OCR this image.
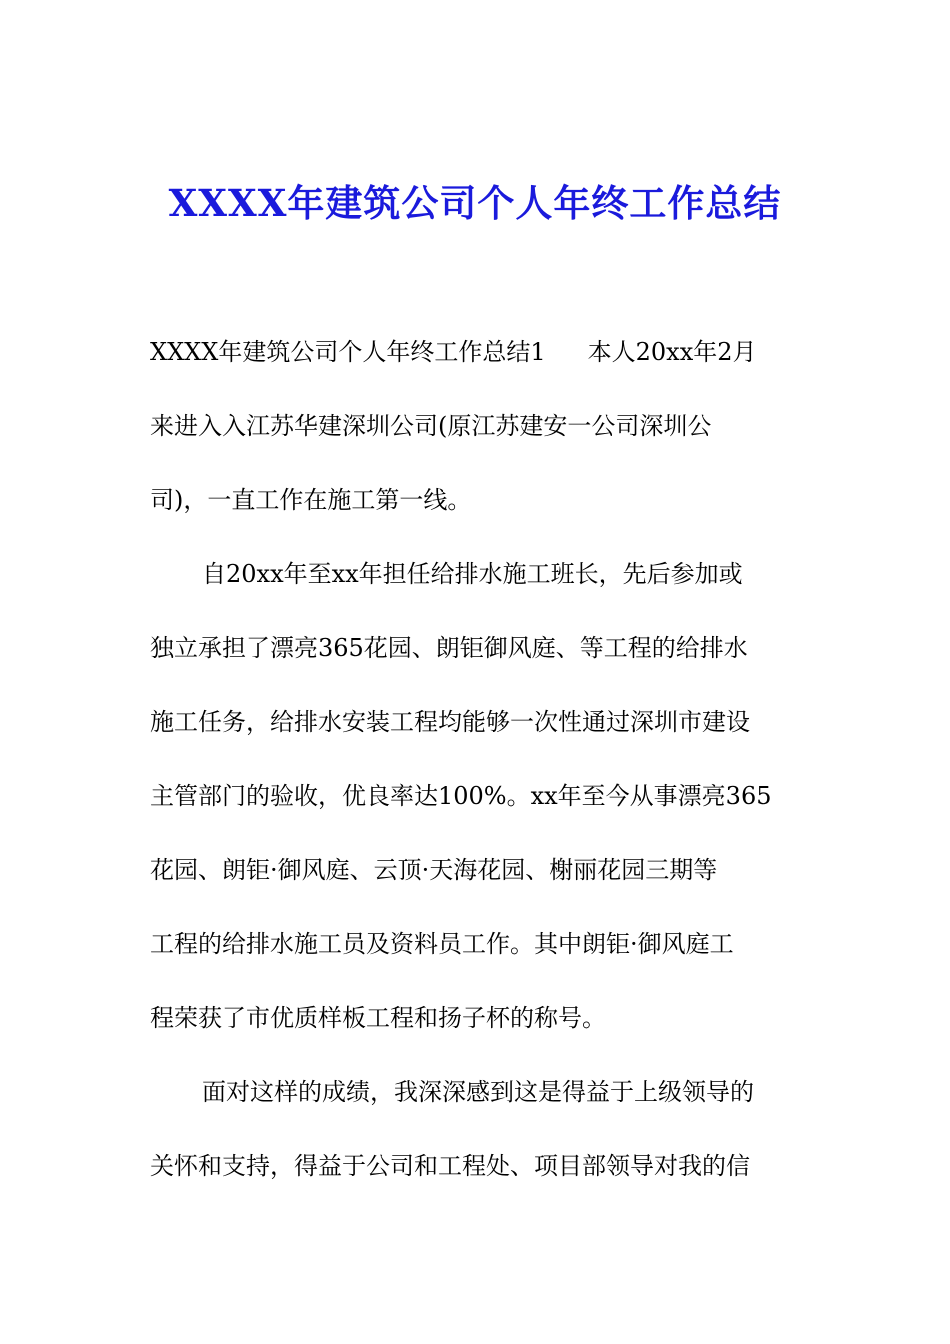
XXXX年建筑公司个人年终工作总结
XXXX年建筑公司个人年终工作总结1 本人20xx年2月
来进入入江苏华建深圳公司(原江苏建安一公司深圳公
司)，一直工作在施工第一线。
自20xx年至xx年担任给排水施工班长，先后参加或
独立承担了漂亮365花园、朗钜御风庭、等工程的给排水
施工任务，给排水安装工程均能够一次性通过深圳市建设
主管部门的验收，优良率达100%。xx年至今从事漂亮365
花园、朗钜·御风庭、云顶·天海花园、榭丽花园三期等
工程的给排水施工员及资料员工作。其中朗钜·御风庭工
程荣获了市优质样板工程和扬子杯的称号。
面对这样的成绩，我深深感到这是得益于上级领导的
关怀和支持，得益于公司和工程处、项目部领导对我的信
